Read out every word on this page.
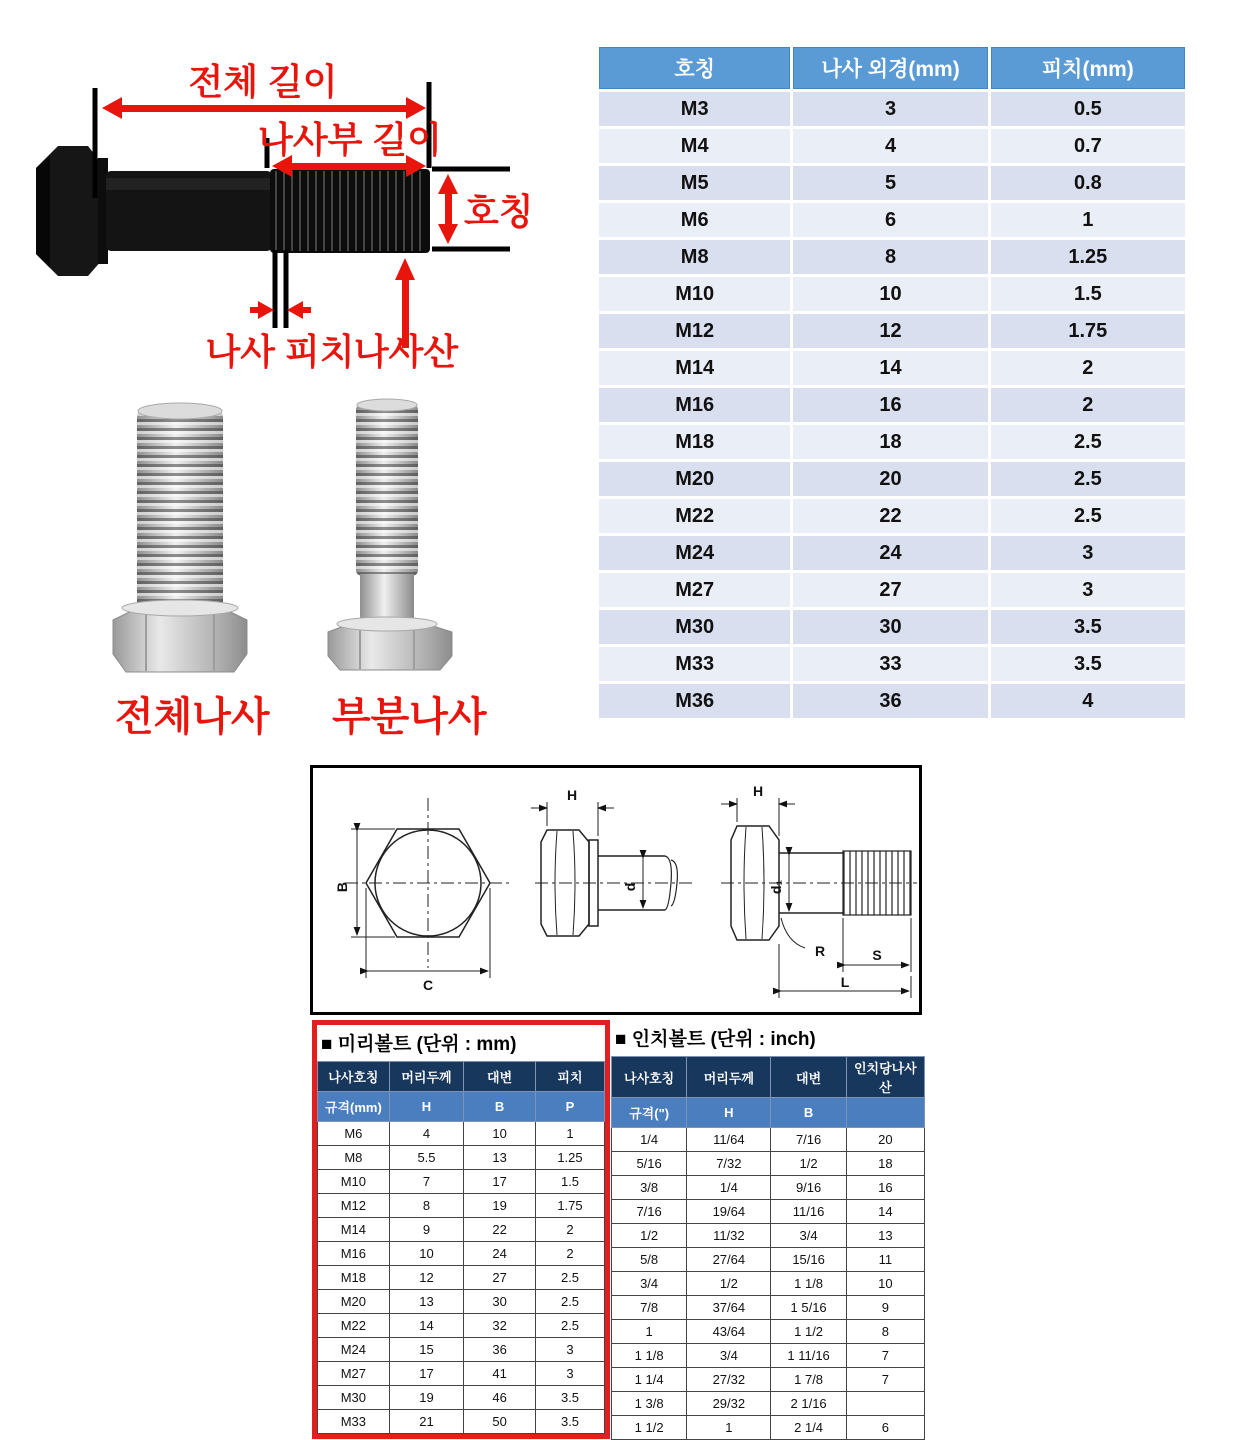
전체 길이
나사부 길이
호칭
나사 피치 나사산
호칭	나사 외경(mm)	피치(mm)
M3	3	0.5
M4	4	0.7
M5	5	0.8
M6	6	1
M8	8	1.25
M10	10	1.5
M12	12	1.75
M14	14	2
M16	16	2
M18	18	2.5
M20	20	2.5
M22	22	2.5
M24	24	3
M27	27	3
M30	30	3.5
M33	33	3.5
M36	36	4
전체나사 부분나사
B
C
H
d
H
d₁
R	S
L
■ 미리볼트 (단위 : mm)
나사호칭	머리두께	대변	피치
규격(mm)	H	B	P
M6	4	10	1
M8	5.5	13	1.25
M10	7	17	1.5
M12	8	19	1.75
M14	9	22	2
M16	10	24	2
M18	12	27	2.5
M20	13	30	2.5
M22	14	32	2.5
M24	15	36	3
M27	17	41	3
M30	19	46	3.5
M33	21	50	3.5
■ 인치볼트 (단위 : inch)
나사호칭	머리두께	대변	인치당나사산
규격(")	H	B	
1/4	11/64	7/16	20
5/16	7/32	1/2	18
3/8	1/4	9/16	16
7/16	19/64	11/16	14
1/2	11/32	3/4	13
5/8	27/64	15/16	11
3/4	1/2	1 1/8	10
7/8	37/64	1 5/16	9
1	43/64	1 1/2	8
1 1/8	3/4	1 11/16	7
1 1/4	27/32	1 7/8	7
1 3/8	29/32	2 1/16	
1 1/2	1	2 1/4	6
